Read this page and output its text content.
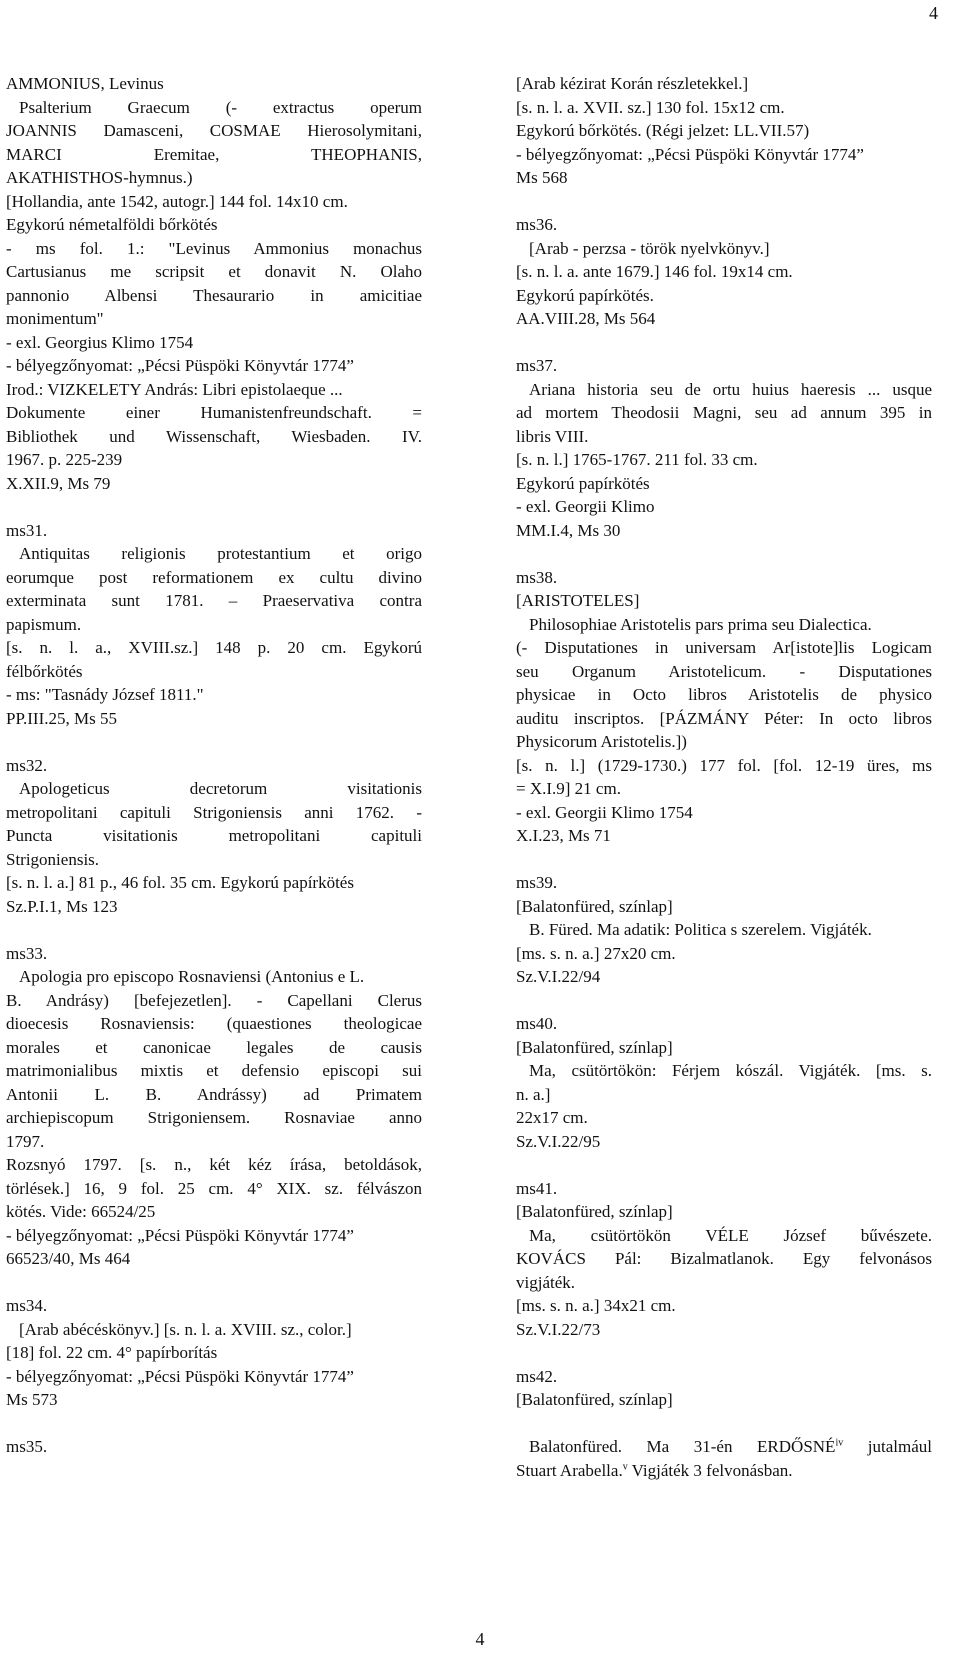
4
AMMONIUS, Levinus
Psalterium Graecum (- extractus operum
JOANNIS Damasceni, COSMAE Hierosolymitani,
MARCI Eremitae, THEOPHANIS,
AKATHISTHOS-hymnus.)
[Hollandia, ante 1542, autogr.] 144 fol. 14x10 cm.
Egykorú németalföldi bőrkötés
- ms fol. 1.: "Levinus Ammonius monachus
Cartusianus me scripsit et donavit N. Olaho
pannonio Albensi Thesaurario in amicitiae
monimentum"
- exl. Georgius Klimo 1754
- bélyegzőnyomat: „Pécsi Püspöki Könyvtár 1774”
Irod.: VIZKELETY András: Libri epistolaeque ...
Dokumente einer Humanistenfreundschaft. =
Bibliothek und Wissenschaft, Wiesbaden. IV.
1967. p. 225-239
X.XII.9, Ms 79
ms31.
Antiquitas religionis protestantium et origo
eorumque post reformationem ex cultu divino
exterminata sunt 1781. – Praeservativa contra
papismum.
[s. n. l. a., XVIII.sz.] 148 p. 20 cm. Egykorú
félbőrkötés
- ms: "Tasnády József 1811."
PP.III.25, Ms 55
ms32.
Apologeticus decretorum visitationis
metropolitani capituli Strigoniensis anni 1762. -
Puncta visitationis metropolitani capituli
Strigoniensis.
[s. n. l. a.] 81 p., 46 fol. 35 cm. Egykorú papírkötés
Sz.P.I.1, Ms 123
ms33.
Apologia pro episcopo Rosnaviensi (Antonius e L.
B. Andrásy) [befejezetlen]. - Capellani Clerus
dioecesis Rosnaviensis: (quaestiones theologicae
morales et canonicae legales de causis
matrimonialibus mixtis et defensio episcopi sui
Antonii L. B. Andrássy) ad Primatem
archiepiscopum Strigoniensem. Rosnaviae anno
1797.
Rozsnyó 1797. [s. n., két kéz írása, betoldások,
törlések.] 16, 9 fol. 25 cm. 4° XIX. sz. félvászon
kötés. Vide: 66524/25
- bélyegzőnyomat: „Pécsi Püspöki Könyvtár 1774”
66523/40, Ms 464
ms34.
[Arab abécéskönyv.] [s. n. l. a. XVIII. sz., color.]
[18] fol. 22 cm. 4° papírborítás
- bélyegzőnyomat: „Pécsi Püspöki Könyvtár 1774”
Ms 573
ms35.
[Arab kézirat Korán részletekkel.]
[s. n. l. a. XVII. sz.] 130 fol. 15x12 cm.
Egykorú bőrkötés. (Régi jelzet: LL.VII.57)
- bélyegzőnyomat: „Pécsi Püspöki Könyvtár 1774”
Ms 568
ms36.
[Arab - perzsa - török nyelvkönyv.]
[s. n. l. a. ante 1679.] 146 fol. 19x14 cm.
Egykorú papírkötés.
AA.VIII.28, Ms 564
ms37.
Ariana historia seu de ortu huius haeresis ... usque
ad mortem Theodosii Magni, seu ad annum 395 in
libris VIII.
[s. n. l.] 1765-1767. 211 fol. 33 cm.
Egykorú papírkötés
- exl. Georgii Klimo
MM.I.4, Ms 30
ms38.
[ARISTOTELES]
Philosophiae Aristotelis pars prima seu Dialectica.
(- Disputationes in universam Ar[istote]lis Logicam
seu Organum Aristotelicum. - Disputationes
physicae in Octo libros Aristotelis de physico
auditu inscriptos. [PÁZMÁNY Péter: In octo libros
Physicorum Aristotelis.])
[s. n. l.] (1729-1730.) 177 fol. [fol. 12-19 üres, ms
= X.I.9] 21 cm.
- exl. Georgii Klimo 1754
X.I.23, Ms 71
ms39.
[Balatonfüred, színlap]
B. Füred. Ma adatik: Politica s szerelem. Vigjáték.
[ms. s. n. a.] 27x20 cm.
Sz.V.I.22/94
ms40.
[Balatonfüred, színlap]
Ma, csütörtökön: Férjem kószál. Vigjáték. [ms. s.
n. a.]
22x17 cm.
Sz.V.I.22/95
ms41.
[Balatonfüred, színlap]
Ma, csütörtökön VÉLE József bűvészete.
KOVÁCS Pál: Bizalmatlanok. Egy felvonásos
vigjáték.
[ms. s. n. a.] 34x21 cm.
Sz.V.I.22/73
ms42.
[Balatonfüred, színlap]
Balatonfüred. Ma 31-én ERDŐSNÉ$^{iv}$ jutalmául
Stuart Arabella.$^v$ Vigjáték 3 felvonásban.
4
